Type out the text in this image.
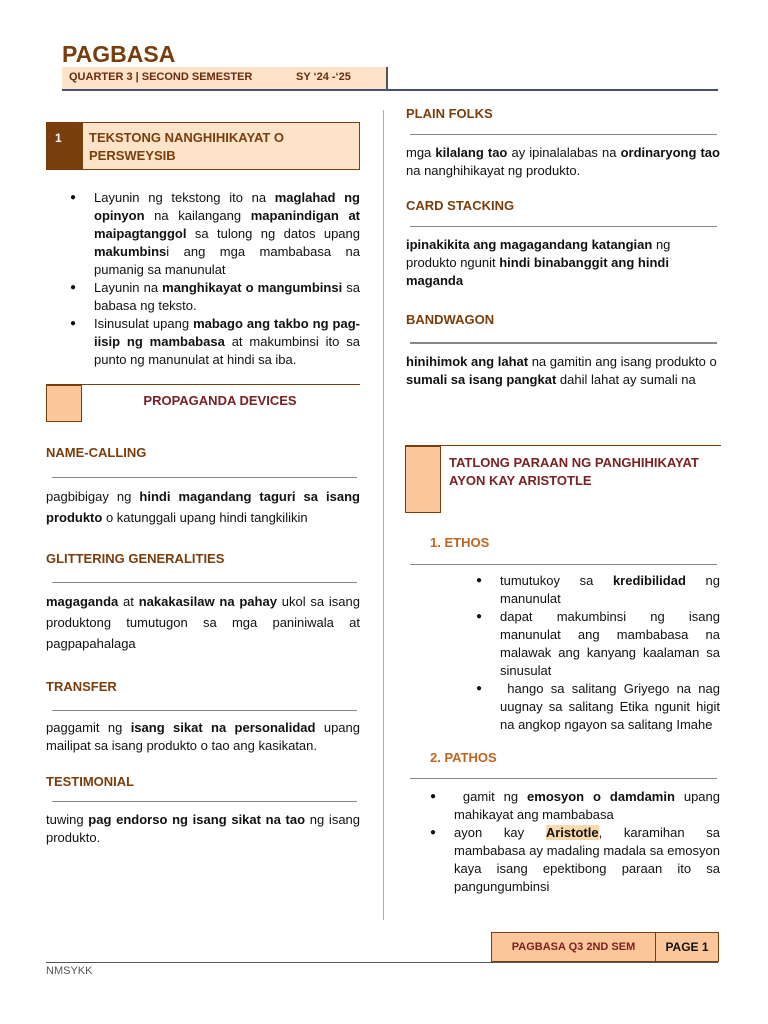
PAGBASA
QUARTER 3 | SECOND SEMESTER	SY ‘24 -‘25
1 TEKSTONG NANGHIHIKAYAT O PERSWEYSIB
● Layunin ng tekstong ito na maglahad ng opinyon na kailangang mapanindigan at maipagtanggol sa tulong ng datos upang makumbinsi ang mga mambabasa na pumanig sa manunulat
● Layunin na manghikayat o mangumbinsi sa babasa ng teksto.
● Isinusulat upang mabago ang takbo ng pag-iisip ng mambabasa at makumbinsi ito sa punto ng manunulat at hindi sa iba.
PROPAGANDA DEVICES
NAME-CALLING
pagbibigay ng hindi magandang taguri sa isang produkto o katunggali upang hindi tangkilikin
GLITTERING GENERALITIES
magaganda at nakakasilaw na pahay ukol sa isang produktong tumutugon sa mga paniniwala at pagpapahalaga
TRANSFER
paggamit ng isang sikat na personalidad upang mailipat sa isang produkto o tao ang kasikatan.
TESTIMONIAL
tuwing pag endorso ng isang sikat na tao ng isang produkto.
PLAIN FOLKS
mga kilalang tao ay ipinalalabas na ordinaryong tao na nanghihikayat ng produkto.
CARD STACKING
ipinakikita ang magagandang katangian ng produkto ngunit hindi binabanggit ang hindi maganda
BANDWAGON
hinihimok ang lahat na gamitin ang isang produkto o sumali sa isang pangkat dahil lahat ay sumali na
TATLONG PARAAN NG PANGHIHIKAYAT AYON KAY ARISTOTLE
1. ETHOS
● tumutukoy sa kredibilidad ng manunulat
● dapat makumbinsi ng isang manunulat ang mambabasa na malawak ang kanyang kaalaman sa sinusulat
●  hango sa salitang Griyego na nag uugnay sa salitang Etika ngunit higit na angkop ngayon sa salitang Imahe
2. PATHOS
●  gamit ng emosyon o damdamin upang mahikayat ang mambabasa
● ayon kay Aristotle, karamihan sa mambabasa ay madaling madala sa emosyon kaya isang epektibong paraan ito sa pangungumbinsi
PAGBASA Q3 2ND SEM	PAGE 1
NMSYKK
